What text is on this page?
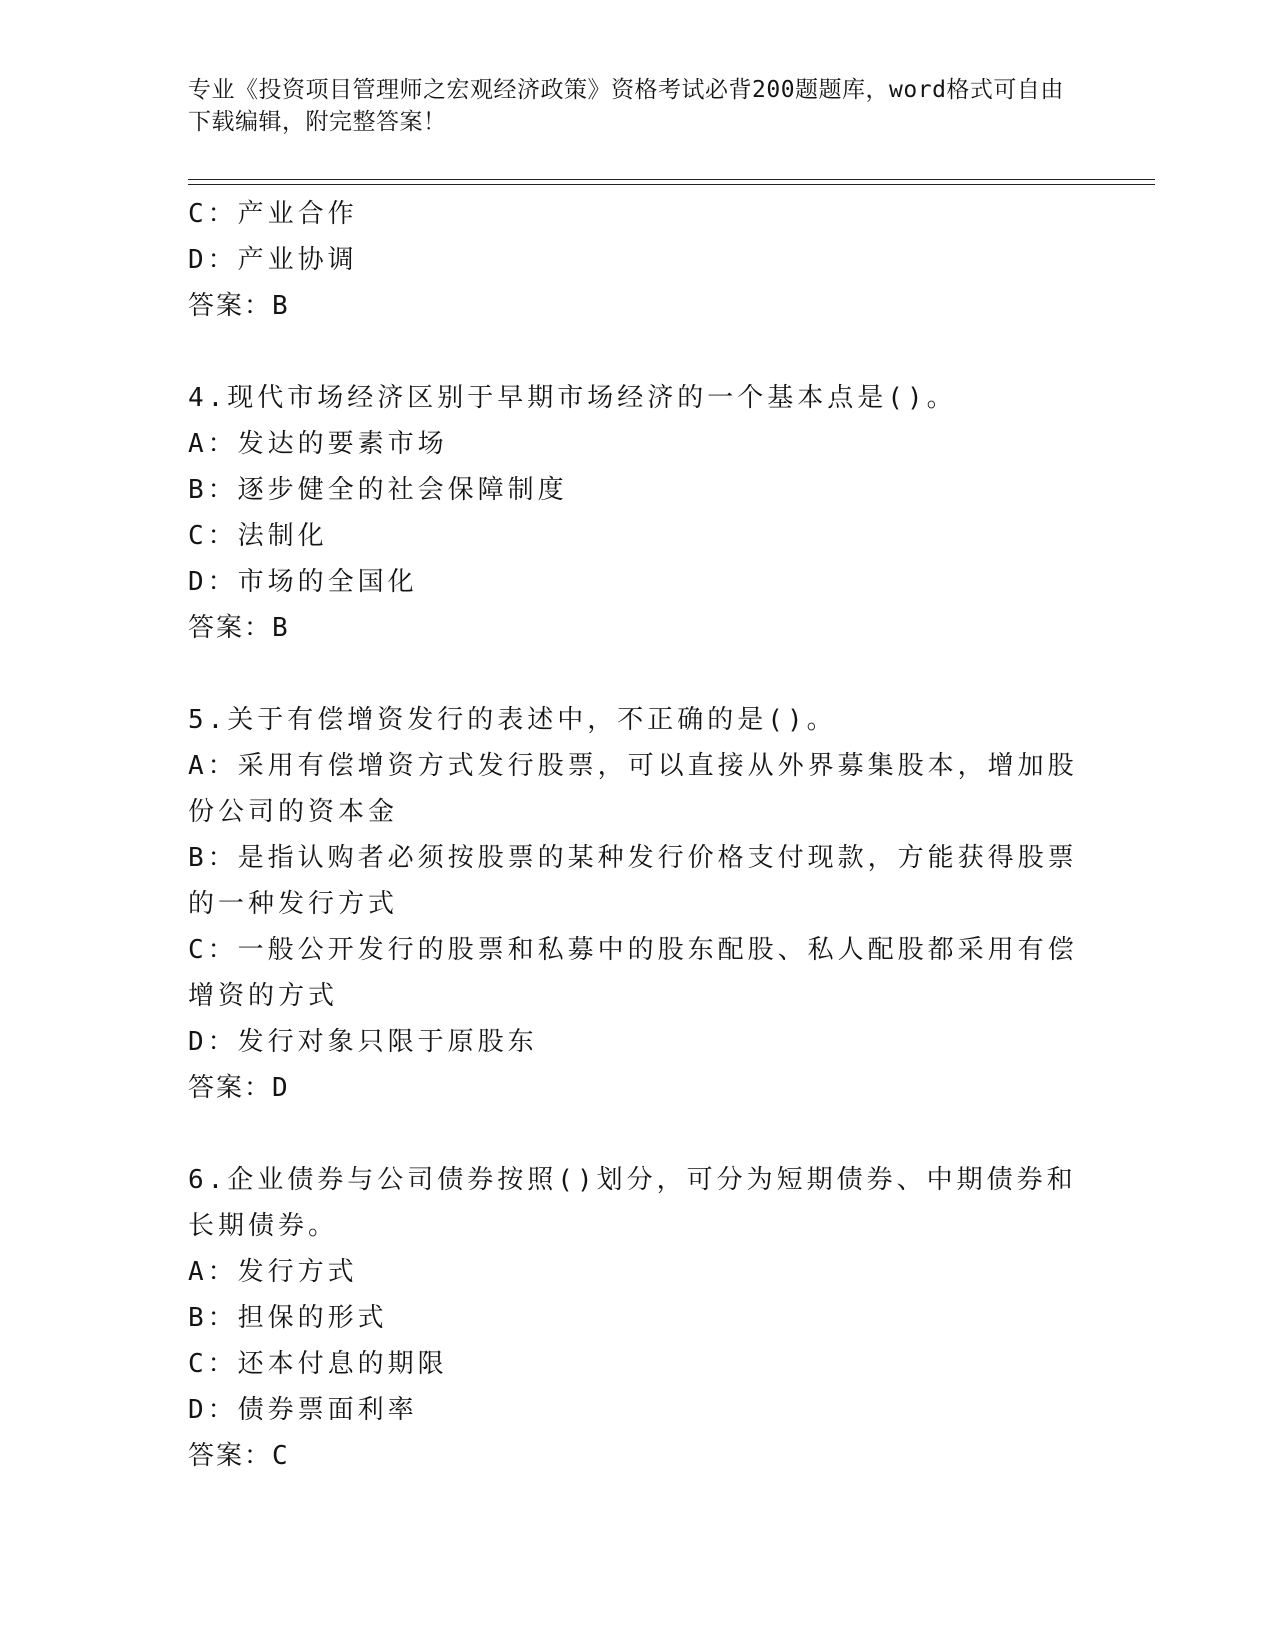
专业《投资项目管理师之宏观经济政策》资格考试必背200题题库，word格式可自由下载编辑，附完整答案！
C：产业合作
D：产业协调
答案：B
4.现代市场经济区别于早期市场经济的一个基本点是()。
A：发达的要素市场
B：逐步健全的社会保障制度
C：法制化
D：市场的全国化
答案：B
5.关于有偿增资发行的表述中，不正确的是()。
A：采用有偿增资方式发行股票，可以直接从外界募集股本，增加股份公司的资本金
B：是指认购者必须按股票的某种发行价格支付现款，方能获得股票的一种发行方式
C：一般公开发行的股票和私募中的股东配股、私人配股都采用有偿增资的方式
D：发行对象只限于原股东
答案：D
6.企业债券与公司债券按照()划分，可分为短期债券、中期债券和长期债券。
A：发行方式
B：担保的形式
C：还本付息的期限
D：债券票面利率
答案：C
